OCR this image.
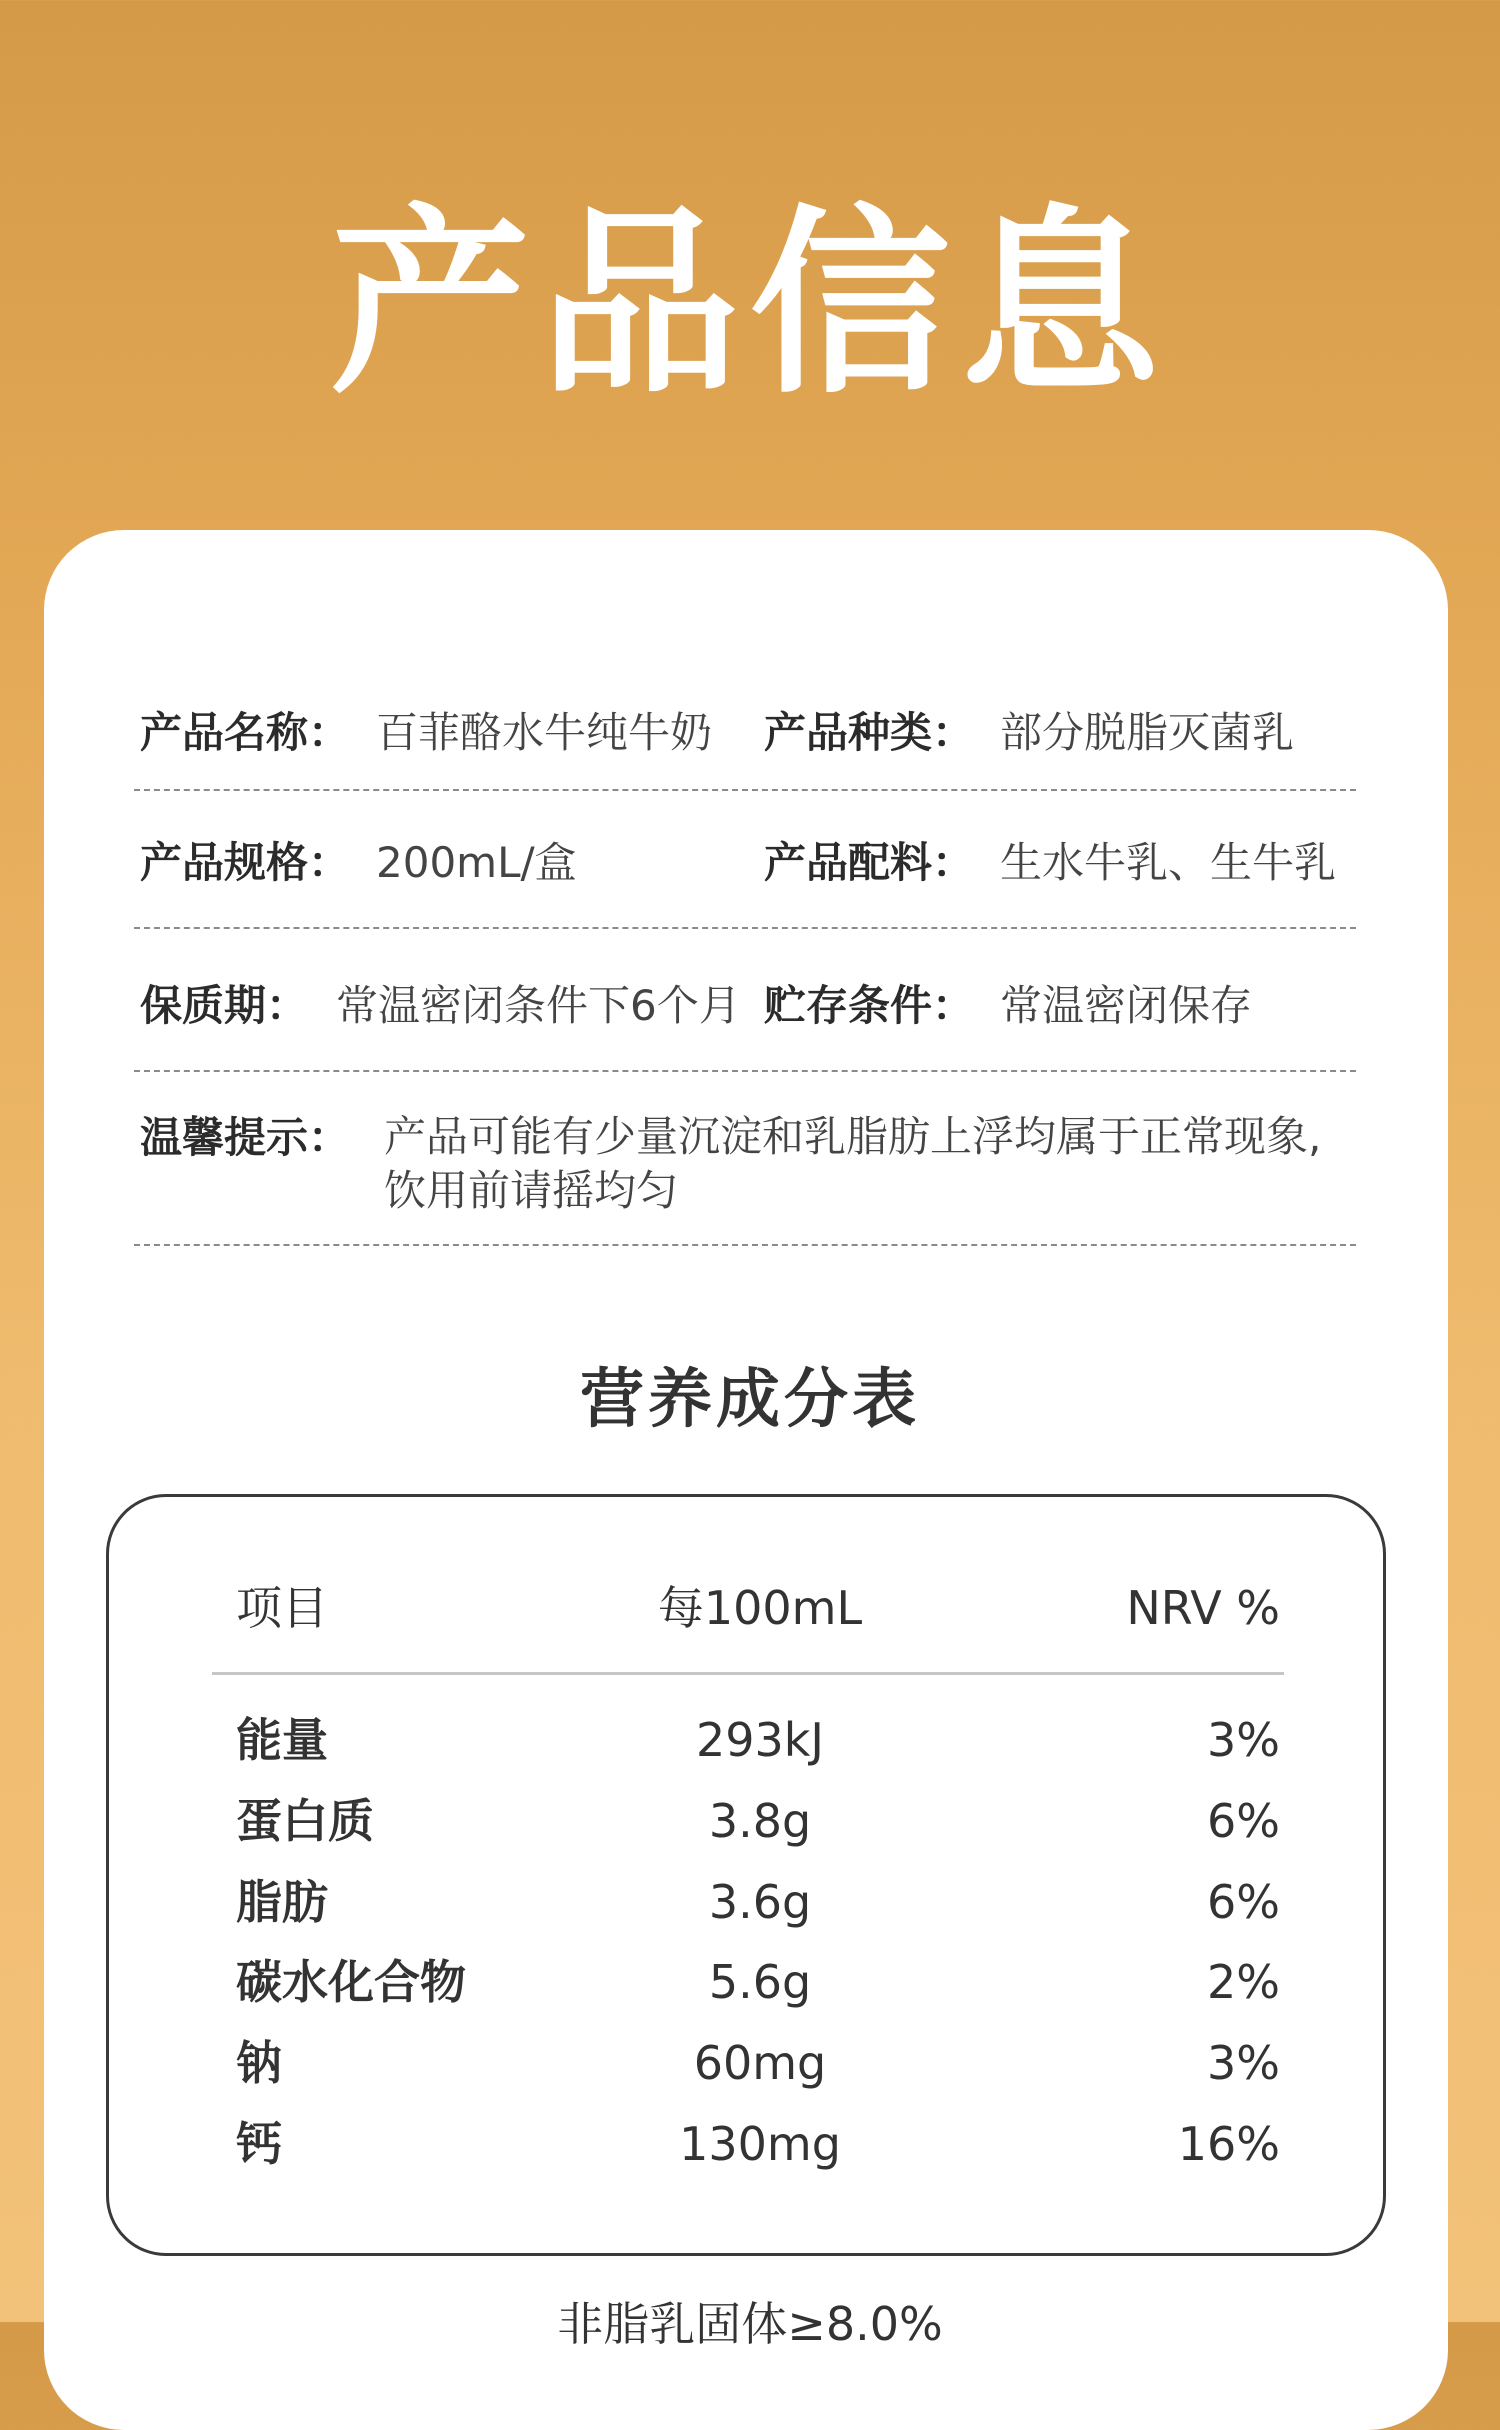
产品信息
产品名称： 百菲酪水牛纯牛奶 产品种类： 部分脱脂灭菌乳
产品规格： 200mL/盒	产品配料： 生水牛乳、生牛乳
保质期： 常温密闭条件下6个月 贮存条件： 常温密闭保存
温馨提示： 产品可能有少量沉淀和乳脂肪上浮均属于正常现象,饮用前请摇均匀
营养成分表
项目	每100mL	NRV %
能量	293kJ	3%
蛋白质	3.8g	6%
脂肪	3.6g	6%
碳水化合物	5.6g	2%
钠	60mg	3%
钙	130mg	16%
非脂乳固体≥8.0%
